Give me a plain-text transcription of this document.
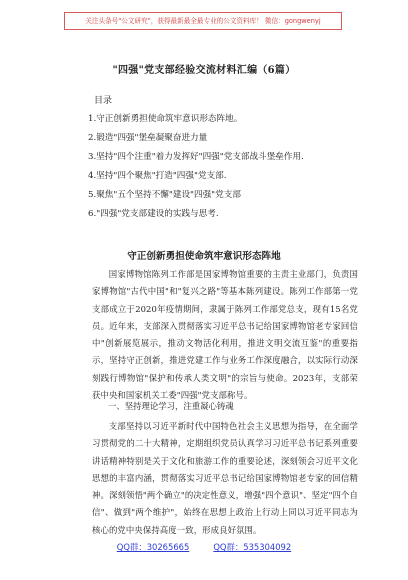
关注头条号"公文研究"，获得最新最全最专业的公文资料库！ 微信：gongwenyj
"四强"党支部经验交流材料汇编（6篇）
目录
1.守正创新勇担使命筑牢意识形态阵地。
2.锻造"四强"堡垒凝聚奋进力量
3.坚持"四个注重"着力发挥好"四强"党支部战斗堡垒作用.
4.坚持"四个聚焦"打造"四强"党支部.
5.聚焦"五个坚持不懈"建设"四强"党支部
6."四强"党支部建设的实践与思考.
守正创新勇担使命筑牢意识形态阵地

国家博物馆陈列工作部是国家博物馆重要的主责主业部门，负责国家博物馆"古代中国"和"复兴之路"等基本陈列建设。陈列工作部第一党支部成立于2020年疫情期间，隶属于陈列工作部党总支，现有15名党员。近年来，支部深入贯彻落实习近平总书记给国家博物馆老专家回信中"创新展览展示，推动文物活化利用，推进文明交流互鉴"的重要指示，坚持守正创新，推进党建工作与业务工作深度融合，以实际行动深刻践行博物馆"保护和传承人类文明"的宗旨与使命。2023年，支部荣获中央和国家机关工委"四强"党支部称号。

一、坚持理论学习，注重凝心铸魂

支部坚持以习近平新时代中国特色社会主义思想为指导，在全面学习贯彻党的二十大精神，定期组织党员认真学习习近平总书记系列重要讲话精神特别是关于文化和旅游工作的重要论述，深刻领会习近平文化思想的丰富内涵，贯彻落实习近平总书记给国家博物馆老专家的回信精神。深刻领悟"两个确立"的决定性意义，增强"四个意识"、坚定"四个自信"、做到"两个维护"，始终在思想上政治上行动上同以习近平同志为核心的党中央保持高度一致，形成良好氛围。

QQ群：30265665	QQ群：535304092
